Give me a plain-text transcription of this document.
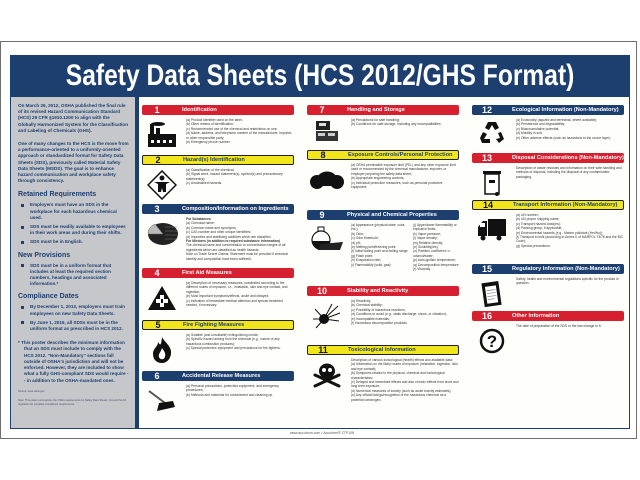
Safety Data Sheets (HCS 2012/GHS Format)

On March 26, 2012, OSHA published the final rule of its revised Hazard Communication Standard (HCS) 29 CFR §1910.1200 to align with the Globally Harmonized System for the Classification and Labeling of Chemicals (GHS).

One of many changes to the HCS is the move from a performance-oriented to a uniformly-oriented approach or standardized format for Safety Data Sheets (SDS), previously called Material Safety Data Sheets (MSDS). The goal is to enhance hazard communication and workplace safety through consistency.

Retained Requirements
Employers must have an SDS in the workplace for each hazardous chemical used.
SDS must be readily available to employees in their work areas and during their shifts.
SDS must be in English.
New Provisions
SDS must be in a uniform format that includes at least the required section numbers, headings and associated information.*
Compliance Dates
By December 1, 2013, employers must train employees on new Safety Data Sheets.
By June 1, 2015, all SDSs must be in the uniform format as prescribed in HCS 2012.
* This poster describes the minimum information that an SDS must include to comply with the HCS 2012. "Non-Mandatory" sections fall outside of OSHA's jurisdiction and will not be enforced. However, they are included to show what a fully GHS-compliant SDS would require -- in addition to the OSHA-mandated ones.
Source: www.osha.gov
Note: This poster summarizes the OSHA requirements for Safety Data Sheets. Consult the full regulation for complete compliance requirements.
1	Identification
(a) Product identifier used on the label;
(b) Other means of identification;
(c) Recommended use of the chemical and restrictions on use;
(d) Name, address, and telephone number of the manufacturer, importer, or other responsible party;
(e) Emergency phone number.
2	Hazard(s) Identification
(a) Classification of the chemical;
(b) Signal word, hazard statement(s), symbol(s) and precautionary statement(s);
(c) Unclassified hazards.
3	Composition/Information on Ingredients
For Substances
(a) Chemical name;
(b) Common name and synonyms;
(c) CAS number and other unique identifiers;
(d) Impurities and stabilizing additives which are classified.
For Mixtures (in addition to required substance information)
The chemical name and concentration or concentration ranges of all ingredients which are classified as health hazards.
Note on Trade Secret Claims: Statement must be provided if chemical identity and composition have been withheld.
4	First Aid Measures
(a) Description of necessary measures, subdivided according to the different routes of exposure, i.e., inhalation, skin and eye contact, and ingestion;
(b) Most important symptoms/effects, acute and delayed;
(c) Indication of immediate medical attention and special treatment needed, if necessary.
5	Fire Fighting Measures
(a) Suitable (and unsuitable) extinguishing media;
(b) Specific hazard arising from the chemical (e.g., nature of any hazardous combustion products);
(c) Special protective equipment and precautions for fire-fighters.
6	Accidental Release Measures
(a) Personal precautions, protective equipment, and emergency procedures;
(b) Methods and materials for containment and cleaning up.
7	Handling and Storage
(a) Precautions for safe handling;
(b) Conditions for safe storage, including any incompatibilities.
8	Exposure Controls/Personal Protection
(a) OSHA permissible exposure limit (PEL) and any other exposure limit used or recommended by the chemical manufacturer, importer, or employer preparing the safety data sheet;
(b) Appropriate engineering controls;
(c) Individual protection measures, such as personal protective equipment.
9	Physical and Chemical Properties
(a) Appearance (physical state, color, etc.);
(b) Odor;
(c) Odor threshold;
(d) pH;
(e) Melting point/freezing point;
(f) Initial boiling point and boiling range;
(g) Flash point;
(h) Evaporation rate;
(i) Flammability (solid, gas);
(j) Upper/lower flammability or explosive limits;
(k) Vapor pressure;
(l) Vapor density;
(m) Relative density;
(n) Solubility(ies);
(o) Partition coefficient: n-octanol/water;
(p) Auto-ignition temperature;
(q) Decomposition temperature;
(r) Viscosity.
10	Stability and Reactivity
(a) Reactivity;
(b) Chemical stability;
(c) Possibility of hazardous reactions;
(d) Conditions to avoid (e.g., static discharge, shock, or vibration);
(e) Incompatible materials;
(f) Hazardous decomposition products.
11	Toxicological Information
Description of various toxicological (health) effects and available data:
(a) Information on the likely routes of exposure (inhalation, ingestion, skin and eye contact);
(b) Symptoms related to the physical, chemical and toxicological characteristics;
(c) Delayed and immediate effects and also chronic effects from short and long term exposure;
(d) Numerical measures of toxicity (such as acute toxicity estimates);
(e) Any official listings/recognition of the hazardous chemical as a potential carcinogen.
12	Ecological Information (Non-Mandatory)
(a) Ecotoxicity (aquatic and terrestrial, where available);
(b) Persistence and degradability;
(c) Bioaccumulative potential;
(d) Mobility in soil;
(e) Other adverse effects (such as hazardous to the ozone layer).
13	Disposal Considerations (Non-Mandatory)
Description of waste residues and information on their safe handling and methods of disposal, including the disposal of any contaminated packaging.
14	Transport Information (Non-Mandatory)
(a) UN number;
(b) UN proper shipping name;
(c) Transport hazard class(es);
(d) Packing group, if applicable;
(e) Environmental hazards (e.g., Marine pollutant (Yes/No));
(f) Transport in bulk (according to Annex II of MARPOL 73/78 and the IBC Code);
(g) Special precautions.
15	Regulatory Information (Non-Mandatory)
Safety, health and environmental regulations specific for the product in question.
16	Other Information
?
The date of preparation of the SDS or the last change to it.
www.accuform.com • Accuform® ZTP108
